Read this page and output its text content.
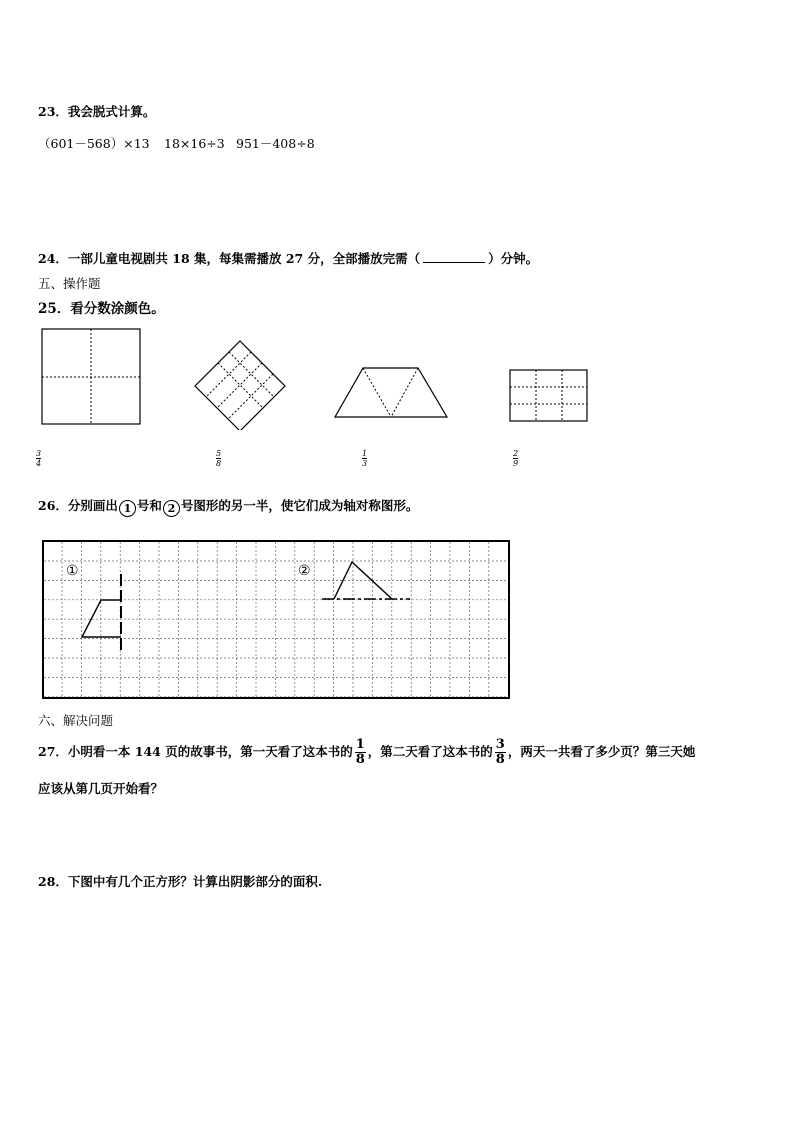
23．我会脱式计算。
（601－568）×13 18×16÷3 951－408÷8
24．一部儿童电视剧共 18 集，每集需播放 27 分，全部播放完需（	）分钟。
五、操作题
25．看分数涂颜色。
$\frac{3}{4}$	$\frac{5}{8}$	$\frac{1}{3}$	$\frac{2}{9}$
26．分别画出 1 号和 2 号图形的另一半，使它们成为轴对称图形。
①	②
六、解决问题
27．小明看一本 144 页的故事书，第一天看了这本书的 $\frac{1}{8}$ ，第二天看了这本书的 $\frac{3}{8}$ ，两天一共看了多少页？第三天她
应该从第几页开始看？
28．下图中有几个正方形？计算出阴影部分的面积.
